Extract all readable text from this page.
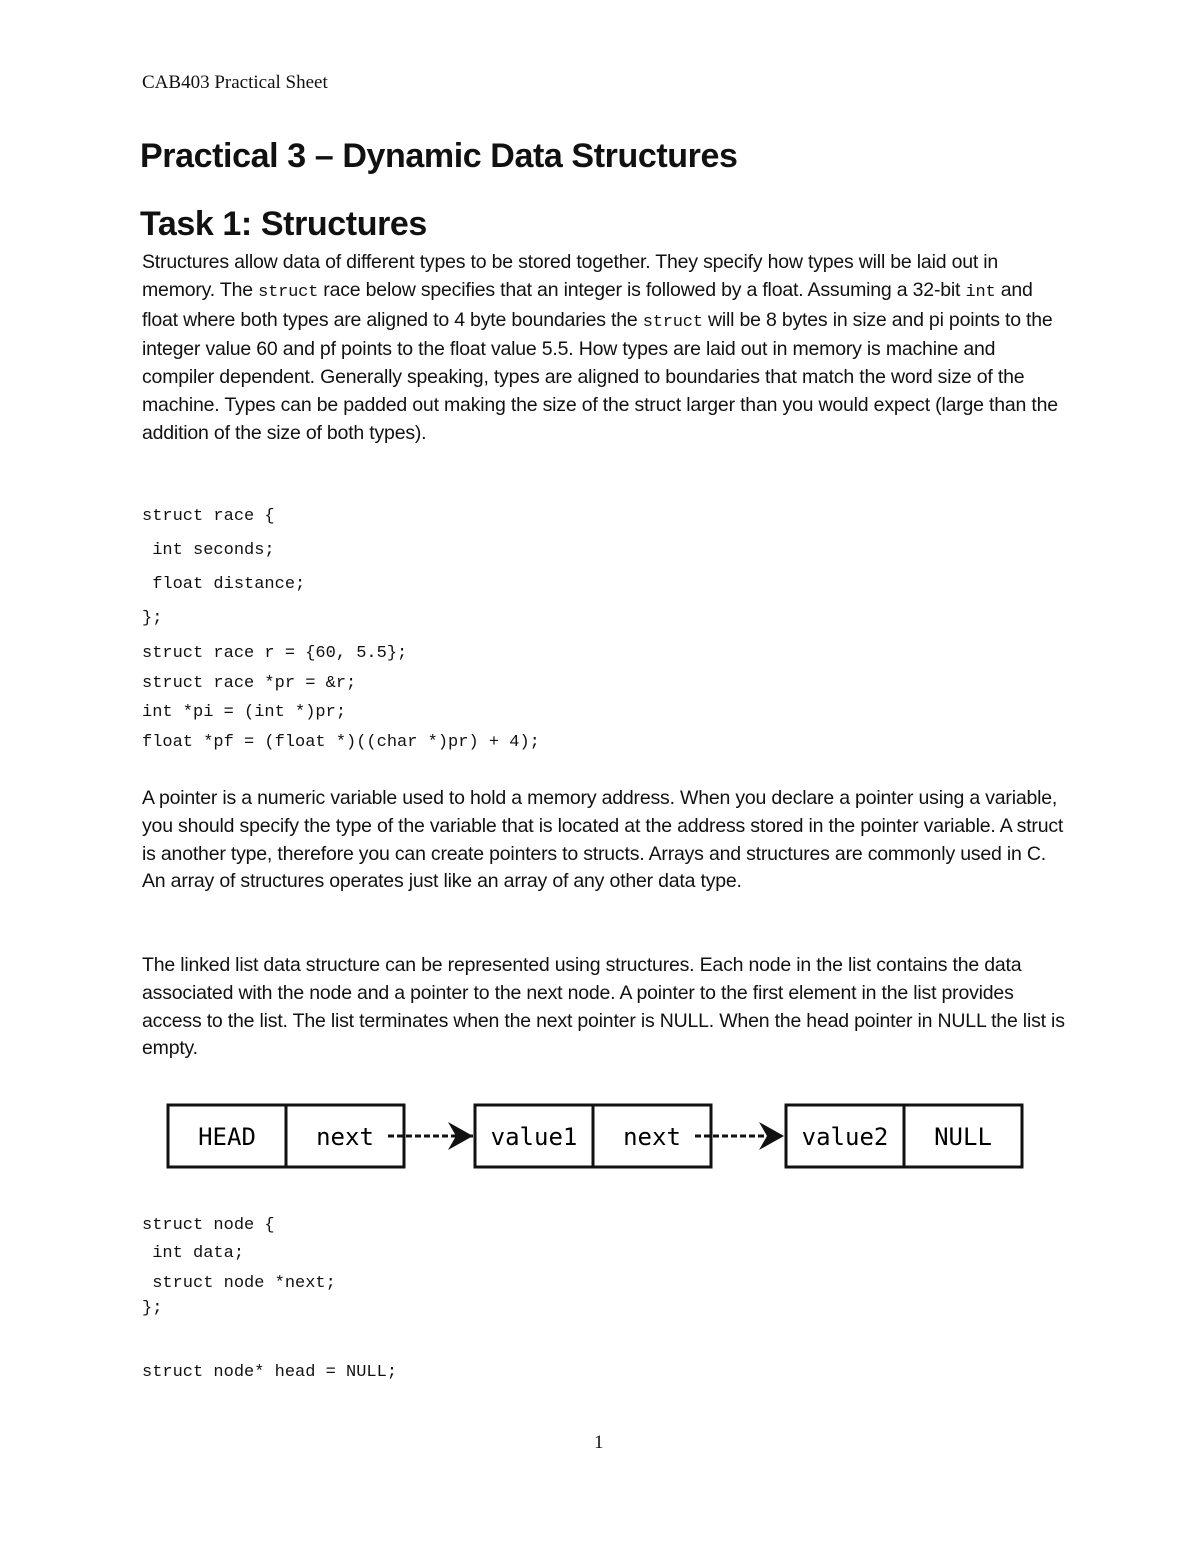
CAB403 Practical Sheet
Practical 3 – Dynamic Data Structures
Task 1: Structures

Structures allow data of different types to be stored together. They specify how types will be laid out in memory. The struct race below specifies that an integer is followed by a float. Assuming a 32-bit int and float where both types are aligned to 4 byte boundaries the struct will be 8 bytes in size and pi points to the integer value 60 and pf points to the float value 5.5. How types are laid out in memory is machine and compiler dependent. Generally speaking, types are aligned to boundaries that match the word size of the machine. Types can be padded out making the size of the struct larger than you would expect (large than the addition of the size of both types).

struct race {
int seconds;
float distance;
};
struct race r = {60, 5.5};
struct race *pr = &r;
int *pi = (int *)pr;
float *pf = (float *)((char *)pr) + 4);

A pointer is a numeric variable used to hold a memory address. When you declare a pointer using a variable, you should specify the type of the variable that is located at the address stored in the pointer variable. A struct is another type, therefore you can create pointers to structs. Arrays and structures are commonly used in C. An array of structures operates just like an array of any other data type.

The linked list data structure can be represented using structures. Each node in the list contains the data associated with the node and a pointer to the next node. A pointer to the first element in the list provides access to the list. The list terminates when the next pointer is NULL. When the head pointer in NULL the list is empty.

HEAD	next	value1 next	value2 NULL
struct node {
int data;
struct node *next;
};
struct node* head = NULL;
1
